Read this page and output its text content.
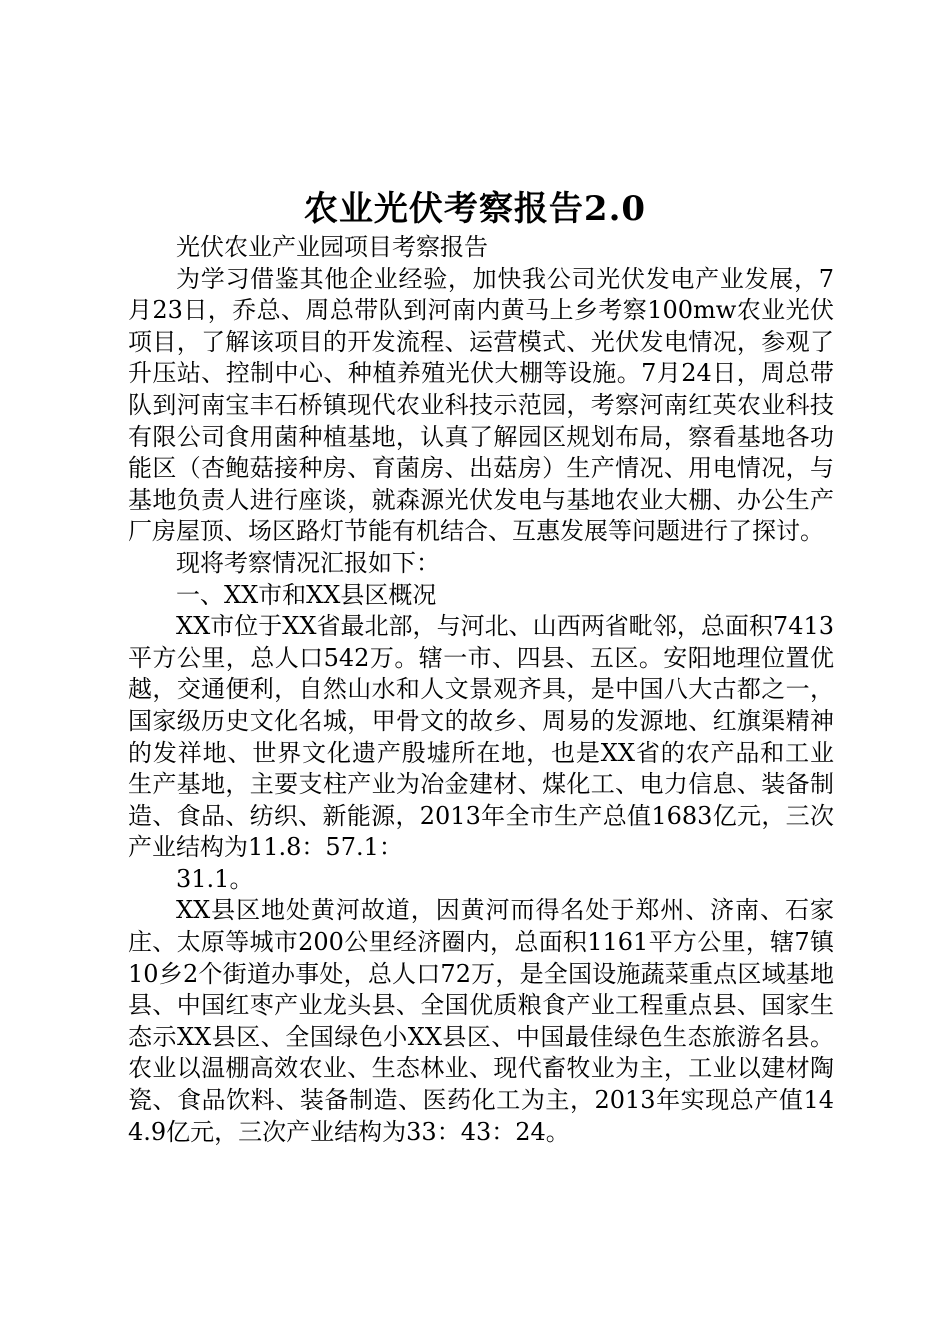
农业光伏考察报告2.0

光伏农业产业园项目考察报告

为学习借鉴其他企业经验，加快我公司光伏发电产业发展，7月23日，乔总、周总带队到河南内黄马上乡考察100mw农业光伏项目，了解该项目的开发流程、运营模式、光伏发电情况，参观了升压站、控制中心、种植养殖光伏大棚等设施。7月24日，周总带队到河南宝丰石桥镇现代农业科技示范园，考察河南红英农业科技有限公司食用菌种植基地，认真了解园区规划布局，察看基地各功能区（杏鲍菇接种房、育菌房、出菇房）生产情况、用电情况，与基地负责人进行座谈，就森源光伏发电与基地农业大棚、办公生产厂房屋顶、场区路灯节能有机结合、互惠发展等问题进行了探讨。

现将考察情况汇报如下：

一、XX市和XX县区概况

XX市位于XX省最北部，与河北、山西两省毗邻，总面积7413平方公里，总人口542万。辖一市、四县、五区。安阳地理位置优越，交通便利，自然山水和人文景观齐具，是中国八大古都之一，国家级历史文化名城，甲骨文的故乡、周易的发源地、红旗渠精神的发祥地、世界文化遗产殷墟所在地，也是XX省的农产品和工业生产基地，主要支柱产业为冶金建材、煤化工、电力信息、装备制造、食品、纺织、新能源，2013年全市生产总值1683亿元，三次产业结构为11.8：57.1：

31.1。

XX县区地处黄河故道，因黄河而得名处于郑州、济南、石家庄、太原等城市200公里经济圈内，总面积1161平方公里，辖7镇10乡2个街道办事处，总人口72万，是全国设施蔬菜重点区域基地县、中国红枣产业龙头县、全国优质粮食产业工程重点县、国家生态示XX县区、全国绿色小XX县区、中国最佳绿色生态旅游名县。农业以温棚高效农业、生态林业、现代畜牧业为主，工业以建材陶瓷、食品饮料、装备制造、医药化工为主，2013年实现总产值144.9亿元，三次产业结构为33：43：24。
